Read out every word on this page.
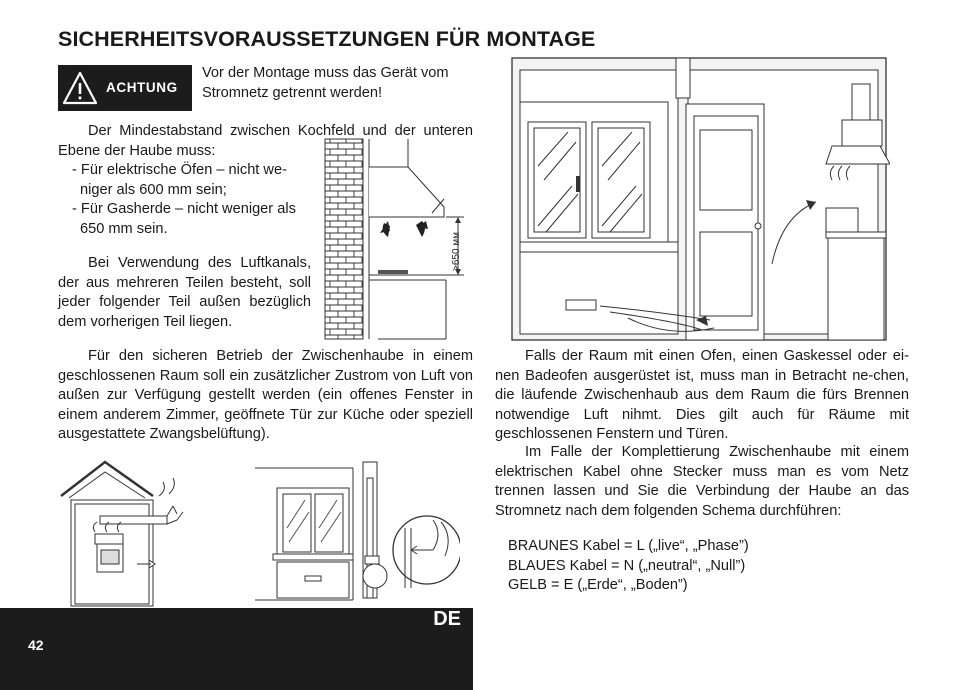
SICHERHEITSVORAUSSETZUNGEN FÜR MONTAGE
ACHTUNG
Vor der Montage muss das Gerät vom Stromnetz getrennt werden!
Der Mindestabstand zwischen Kochfeld und der unteren Ebene der Haube muss:
- Für elektrische Öfen – nicht we-
niger als 600 mm sein;
- Für Gasherde – nicht weniger als
650 mm sein.
Bei Verwendung des Luftkanals, der aus mehreren Teilen besteht, soll jeder folgender Teil außen bezüglich dem vorherigen Teil liegen.
>650 мм
Für den sicheren Betrieb der Zwischenhaube in einem geschlossenen Raum soll ein zusätzlicher Zustrom von Luft von außen zur Verfügung gestellt werden (ein offenes Fenster in einem anderem Zimmer, geöffnete Tür zur Küche oder speziell ausgestattete Zwangsbelüftung).
Falls der Raum mit einen Ofen, einen Gaskessel oder ei-nen Badeofen ausgerüstet ist, muss man in Betracht ne-chen, die läufende Zwischenhaub aus dem Raum die fürs Brennen notwendige Luft nihmt. Dies gilt auch für Räume mit geschlossenen Fenstern und Türen.
Im Falle der Komplettierung Zwischenhaube mit einem elektrischen Kabel ohne Stecker muss man es vom Netz trennen lassen und Sie die Verbindung der Haube an das Stromnetz nach dem folgenden Schema durchführen:
BRAUNES Kabel = L („live“, „Phase”)
BLAUES Kabel = N („neutral“, „Null”)
GELB = E („Erde“, „Boden”)
DE
42
